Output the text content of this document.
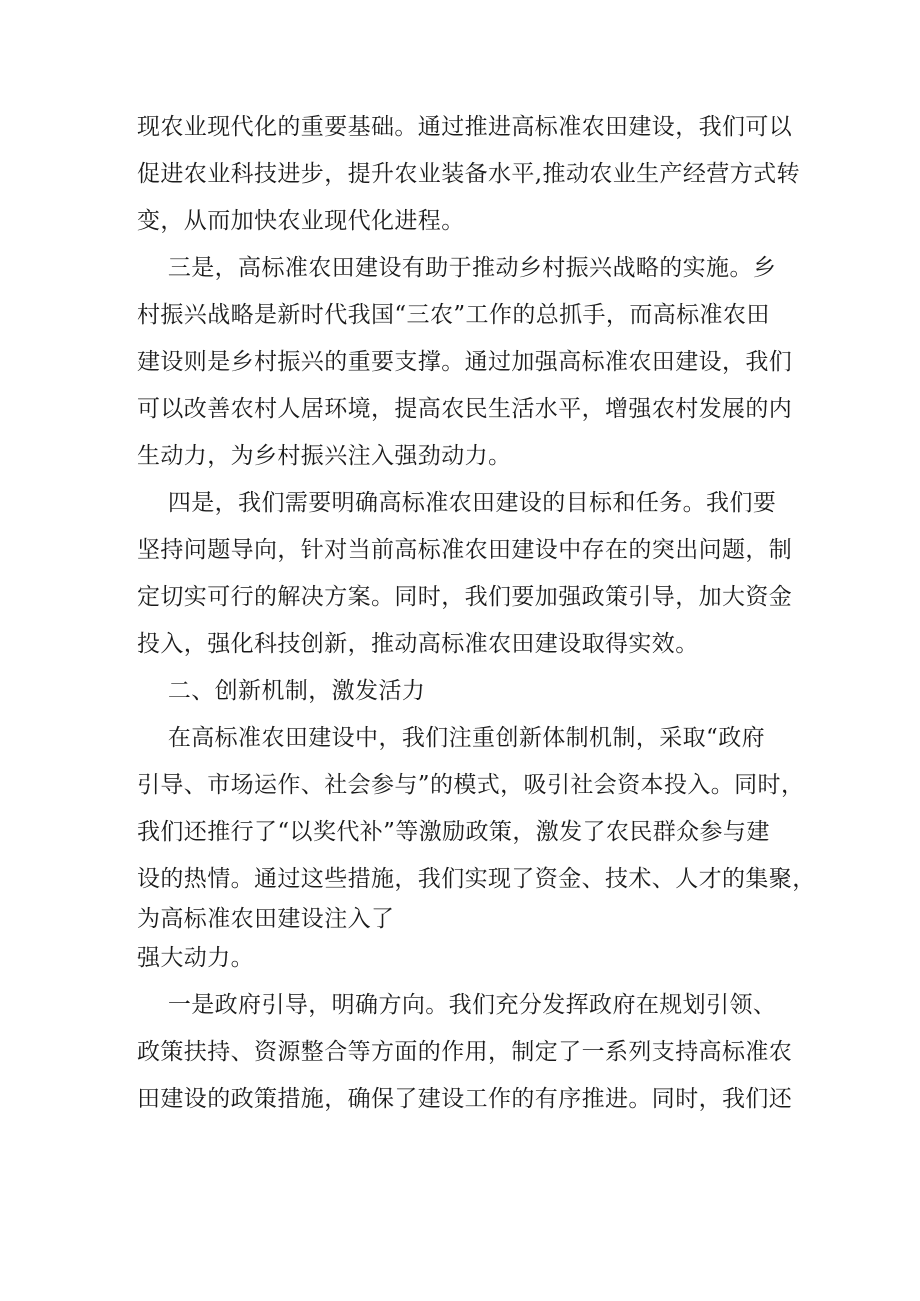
现农业现代化的重要基础。通过推进高标准农田建设，我们可以
促进农业科技进步，提升农业装备水平,推动农业生产经营方式转
变，从而加快农业现代化进程。
三是，高标准农田建设有助于推动乡村振兴战略的实施。乡
村振兴战略是新时代我国“三农”工作的总抓手，而高标准农田
建设则是乡村振兴的重要支撑。通过加强高标准农田建设，我们
可以改善农村人居环境，提高农民生活水平，增强农村发展的内
生动力，为乡村振兴注入强劲动力。
四是，我们需要明确高标准农田建设的目标和任务。我们要
坚持问题导向，针对当前高标准农田建设中存在的突出问题，制
定切实可行的解决方案。同时，我们要加强政策引导，加大资金
投入，强化科技创新，推动高标准农田建设取得实效。
二、创新机制，激发活力
在高标准农田建设中，我们注重创新体制机制，采取“政府
引导、市场运作、社会参与”的模式，吸引社会资本投入。同时，
我们还推行了“以奖代补”等激励政策，激发了农民群众参与建
设的热情。通过这些措施，我们实现了资金、技术、人才的集聚，
为高标准农田建设注入了
强大动力。
一是政府引导，明确方向。我们充分发挥政府在规划引领、
政策扶持、资源整合等方面的作用，制定了一系列支持高标准农
田建设的政策措施，确保了建设工作的有序推进。同时，我们还
